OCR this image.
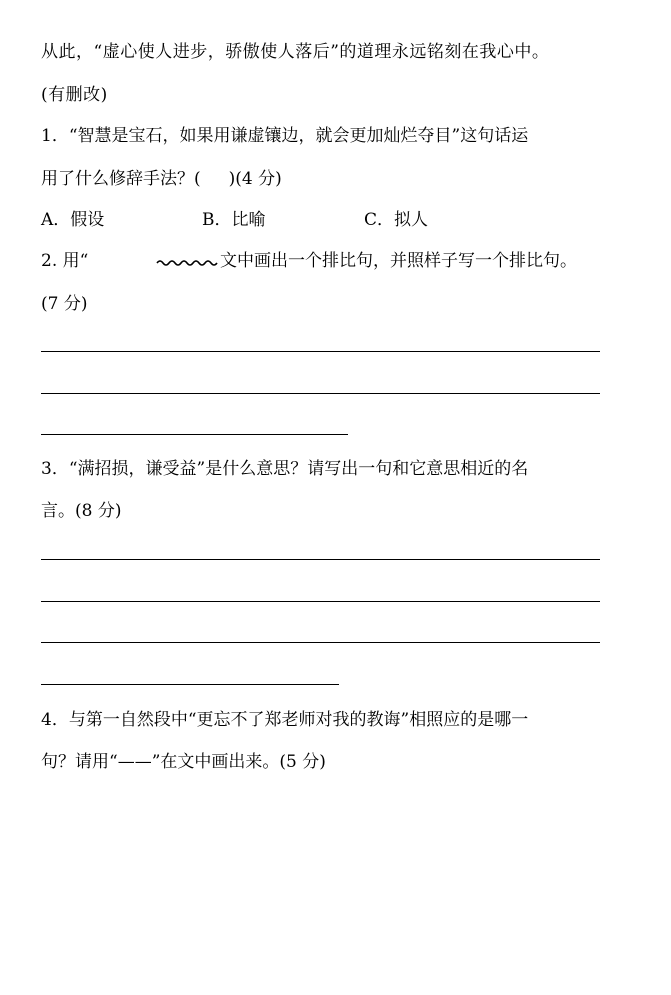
从此，“虚心使人进步，骄傲使人落后”的道理永远铭刻在我心中。
(有删改)
1．“智慧是宝石，如果用谦虚镶边，就会更加灿烂夺目”这句话运
用了什么修辞手法？( )(4 分)
A．假设	B．比喻	C．拟人
2. 用“	文中画出一个排比句，并照样子写一个排比句。
(7 分)
3．“满招损，谦受益”是什么意思？请写出一句和它意思相近的名
言。(8 分)
4．与第一自然段中“更忘不了郑老师对我的教诲”相照应的是哪一
句？请用“——”在文中画出来。(5 分)
